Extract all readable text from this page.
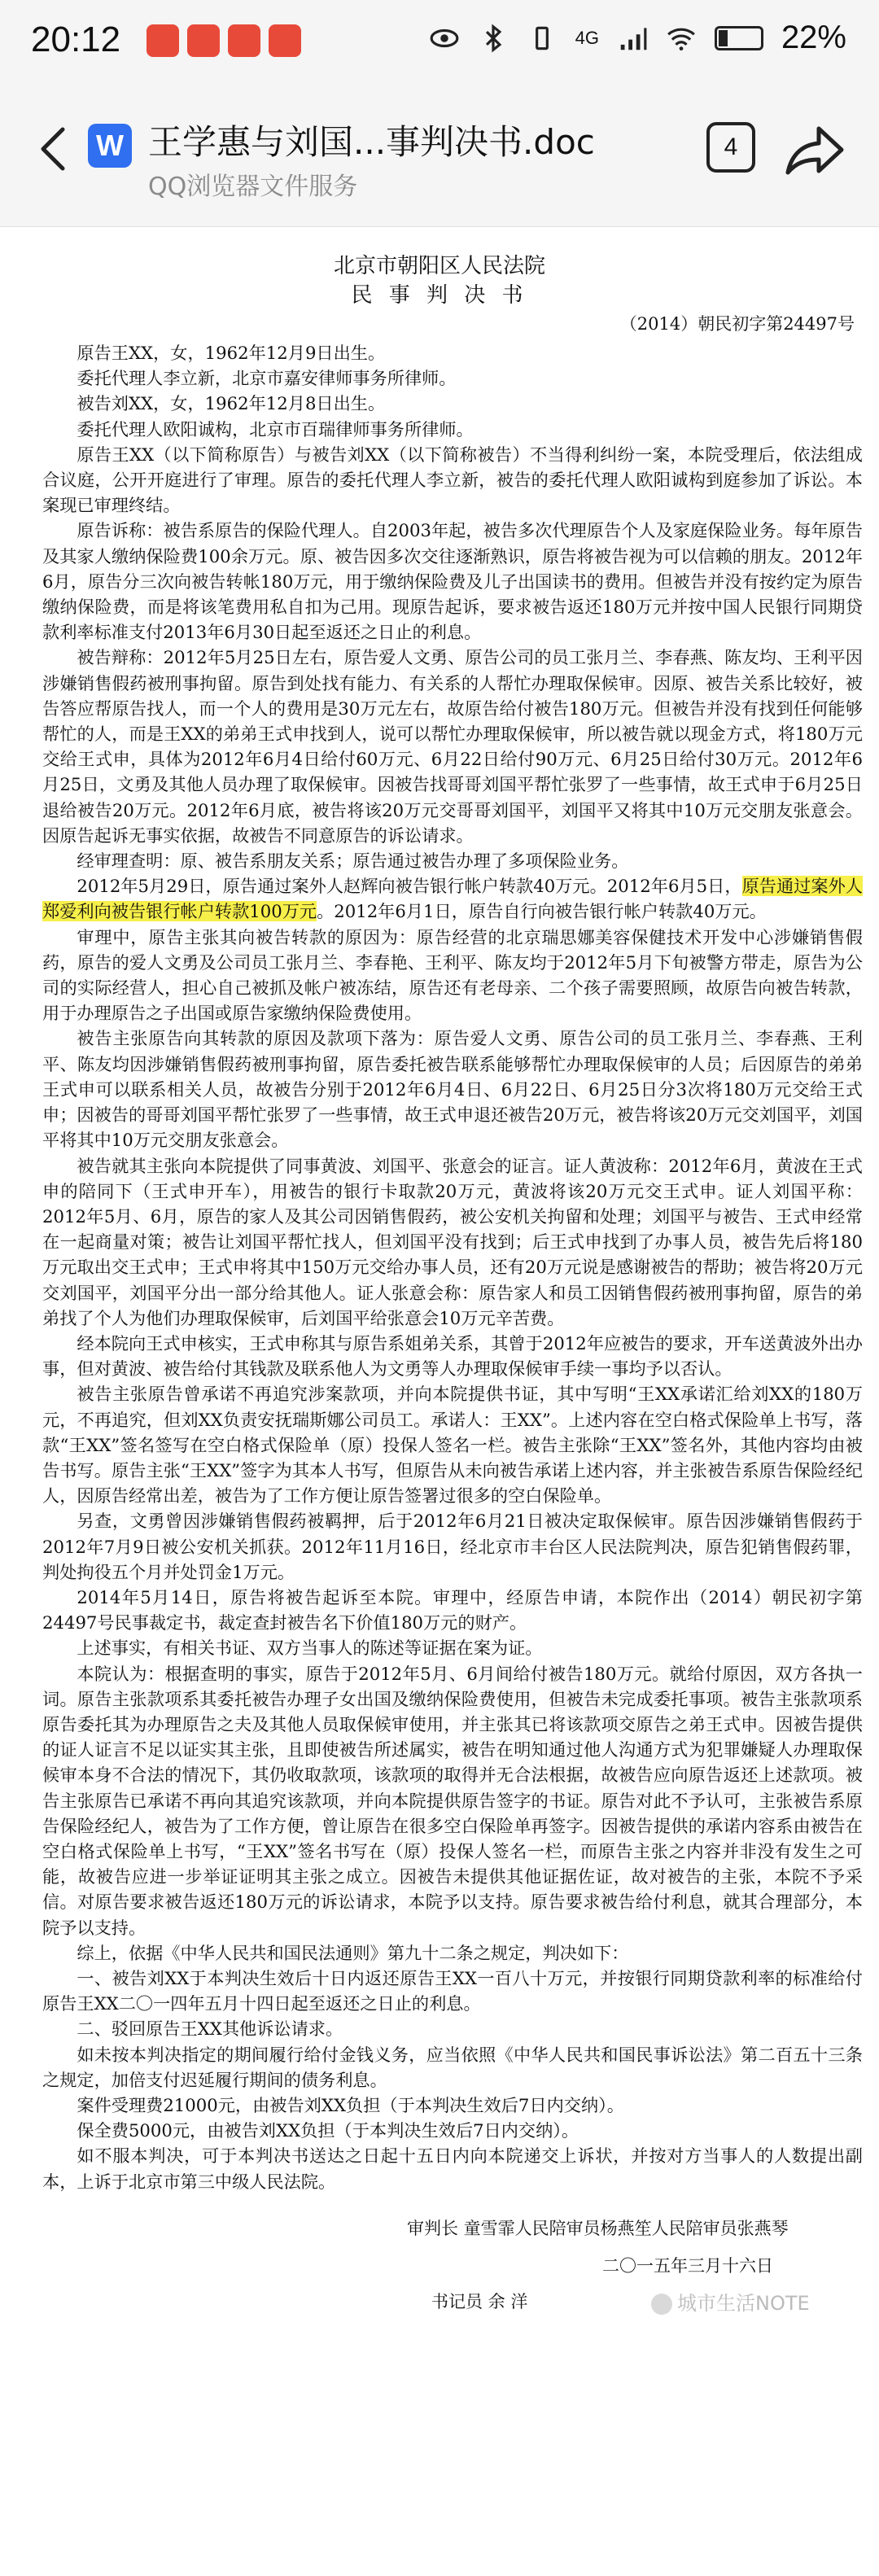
20:12	4G	22%
W 王学惠与刘国...事判决书.doc
QQ浏览器文件服务
4
北京市朝阳区人民法院
民 事 判 决 书
（2014）朝民初字第24497号

原告王XX，女，1962年12月9日出生。

委托代理人李立新，北京市嘉安律师事务所律师。

被告刘XX，女，1962年12月8日出生。

委托代理人欧阳诚构，北京市百瑞律师事务所律师。

原告王XX（以下简称原告）与被告刘XX（以下简称被告）不当得利纠纷一案，本院受理后，依法组成合议庭，公开开庭进行了审理。原告的委托代理人李立新，被告的委托代理人欧阳诚构到庭参加了诉讼。本案现已审理终结。

原告诉称：被告系原告的保险代理人。自2003年起，被告多次代理原告个人及家庭保险业务。每年原告及其家人缴纳保险费100余万元。原、被告因多次交往逐渐熟识，原告将被告视为可以信赖的朋友。2012年6月，原告分三次向被告转帐180万元，用于缴纳保险费及儿子出国读书的费用。但被告并没有按约定为原告缴纳保险费，而是将该笔费用私自扣为己用。现原告起诉，要求被告返还180万元并按中国人民银行同期贷款利率标准支付2013年6月30日起至返还之日止的利息。

被告辩称：2012年5月25日左右，原告爱人文勇、原告公司的员工张月兰、李春燕、陈友均、王利平因涉嫌销售假药被刑事拘留。原告到处找有能力、有关系的人帮忙办理取保候审。因原、被告关系比较好，被告答应帮原告找人，而一个人的费用是30万元左右，故原告给付被告180万元。但被告并没有找到任何能够帮忙的人，而是王XX的弟弟王式申找到人，说可以帮忙办理取保候审，所以被告就以现金方式，将180万元交给王式申，具体为2012年6月4日给付60万元、6月22日给付90万元、6月25日给付30万元。2012年6月25日，文勇及其他人员办理了取保候审。因被告找哥哥刘国平帮忙张罗了一些事情，故王式申于6月25日退给被告20万元。2012年6月底，被告将该20万元交哥哥刘国平，刘国平又将其中10万元交朋友张意会。因原告起诉无事实依据，故被告不同意原告的诉讼请求。

经审理查明：原、被告系朋友关系；原告通过被告办理了多项保险业务。

2012年5月29日，原告通过案外人赵辉向被告银行帐户转款40万元。2012年6月5日，原告通过案外人郑爱利向被告银行帐户转款100万元。2012年6月1日，原告自行向被告银行帐户转款40万元。

审理中，原告主张其向被告转款的原因为：原告经营的北京瑞思娜美容保健技术开发中心涉嫌销售假药，原告的爱人文勇及公司员工张月兰、李春艳、王利平、陈友均于2012年5月下旬被警方带走，原告为公司的实际经营人，担心自己被抓及帐户被冻结，原告还有老母亲、二个孩子需要照顾，故原告向被告转款，用于办理原告之子出国或原告家缴纳保险费使用。

被告主张原告向其转款的原因及款项下落为：原告爱人文勇、原告公司的员工张月兰、李春燕、王利平、陈友均因涉嫌销售假药被刑事拘留，原告委托被告联系能够帮忙办理取保候审的人员；后因原告的弟弟王式申可以联系相关人员，故被告分别于2012年6月4日、6月22日、6月25日分3次将180万元交给王式申；因被告的哥哥刘国平帮忙张罗了一些事情，故王式申退还被告20万元，被告将该20万元交刘国平，刘国平将其中10万元交朋友张意会。

被告就其主张向本院提供了同事黄波、刘国平、张意会的证言。证人黄波称：2012年6月，黄波在王式申的陪同下（王式申开车），用被告的银行卡取款20万元，黄波将该20万元交王式申。证人刘国平称：2012年5月、6月，原告的家人及其公司因销售假药，被公安机关拘留和处理；刘国平与被告、王式申经常在一起商量对策；被告让刘国平帮忙找人，但刘国平没有找到；后王式申找到了办事人员，被告先后将180万元取出交王式申；王式申将其中150万元交给办事人员，还有20万元说是感谢被告的帮助；被告将20万元交刘国平，刘国平分出一部分给其他人。证人张意会称：原告家人和员工因销售假药被刑事拘留，原告的弟弟找了个人为他们办理取保候审，后刘国平给张意会10万元辛苦费。

经本院向王式申核实，王式申称其与原告系姐弟关系，其曾于2012年应被告的要求，开车送黄波外出办事，但对黄波、被告给付其钱款及联系他人为文勇等人办理取保候审手续一事均予以否认。

被告主张原告曾承诺不再追究涉案款项，并向本院提供书证，其中写明“王XX承诺汇给刘XX的180万元，不再追究，但刘XX负责安抚瑞斯娜公司员工。承诺人：王XX”。上述内容在空白格式保险单上书写，落款“王XX”签名签写在空白格式保险单（原）投保人签名一栏。被告主张除“王XX”签名外，其他内容均由被告书写。原告主张“王XX”签字为其本人书写，但原告从未向被告承诺上述内容，并主张被告系原告保险经纪人，因原告经常出差，被告为了工作方便让原告签署过很多的空白保险单。

另查，文勇曾因涉嫌销售假药被羁押，后于2012年6月21日被决定取保候审。原告因涉嫌销售假药于2012年7月9日被公安机关抓获。2012年11月16日，经北京市丰台区人民法院判决，原告犯销售假药罪，判处拘役五个月并处罚金1万元。

2014年5月14日，原告将被告起诉至本院。审理中，经原告申请，本院作出（2014）朝民初字第24497号民事裁定书，裁定查封被告名下价值180万元的财产。

上述事实，有相关书证、双方当事人的陈述等证据在案为证。

本院认为：根据查明的事实，原告于2012年5月、6月间给付被告180万元。就给付原因，双方各执一词。原告主张款项系其委托被告办理子女出国及缴纳保险费使用，但被告未完成委托事项。被告主张款项系原告委托其为办理原告之夫及其他人员取保候审使用，并主张其已将该款项交原告之弟王式申。因被告提供的证人证言不足以证实其主张，且即使被告所述属实，被告在明知通过他人沟通方式为犯罪嫌疑人办理取保候审本身不合法的情况下，其仍收取款项，该款项的取得并无合法根据，故被告应向原告返还上述款项。被告主张原告已承诺不再向其追究该款项，并向本院提供原告签字的书证。原告对此不予认可，主张被告系原告保险经纪人，被告为了工作方便，曾让原告在很多空白保险单再签字。因被告提供的承诺内容系由被告在空白格式保险单上书写，“王XX”签名书写在（原）投保人签名一栏，而原告主张之内容并非没有发生之可能，故被告应进一步举证证明其主张之成立。因被告未提供其他证据佐证，故对被告的主张，本院不予采信。对原告要求被告返还180万元的诉讼请求，本院予以支持。原告要求被告给付利息，就其合理部分，本院予以支持。

综上，依据《中华人民共和国民法通则》第九十二条之规定，判决如下：

一、被告刘XX于本判决生效后十日内返还原告王XX一百八十万元，并按银行同期贷款利率的标准给付原告王XX二〇一四年五月十四日起至返还之日止的利息。

二、驳回原告王XX其他诉讼请求。

如未按本判决指定的期间履行给付金钱义务，应当依照《中华人民共和国民事诉讼法》第二百五十三条之规定，加倍支付迟延履行期间的债务利息。

案件受理费21000元，由被告刘XX负担（于本判决生效后7日内交纳）。

保全费5000元，由被告刘XX负担（于本判决生效后7日内交纳）。

如不服本判决，可于本判决书送达之日起十五日内向本院递交上诉状，并按对方当事人的人数提出副本，上诉于北京市第三中级人民法院。

审判长 童雪霏人民陪审员杨燕笙人民陪审员张燕琴
二〇一五年三月十六日
书记员 余 洋	城市生活NOTE
